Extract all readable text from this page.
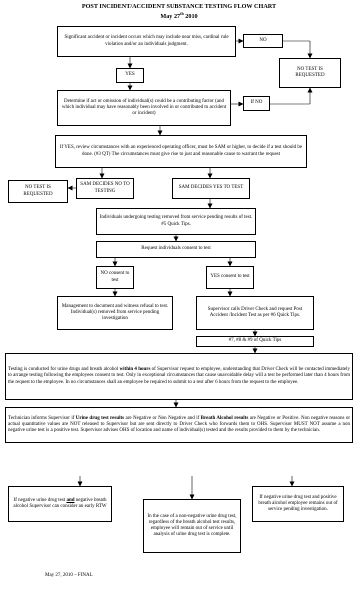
POST INCIDENT/ACCIDENT SUBSTANCE TESTING FLOW CHART
May 27th 2010
Significant accident or incident occurs which may include near miss, cardinal rule violation and/or an individuals judgment.
NO
YES
NO TEST IS REQUESTED
Determine if act or omission of individual(s) could be a contributing factor (and which individual may have reasonably been involved in or contributed to accident or incident)
If NO
If YES, review circumstances with an experienced operating officer, must be SAM or higher, to decide if a test should be done. (#3 QT) The circumstances must give rise to just and reasonable cause to warrant the request
NO TEST IS REQUESTED
SAM DECIDES NO TO TESTING
SAM DECIDES YES TO TEST
Individuals undergoing testing removed from service pending results of test. #5 Quick Tips.
Request individuals consent to test
NO consent to test
YES consent to test
Management to document and witness refusal to test. Individual(s) removed from service pending investigation
Supervisor calls Driver Check and request Post Accident /Incident Test as per #6 Quick Tips.
#7, #8 & #9 of Quick Tips
Testing is conducted for urine drugs and breath alcohol within 4 hours of Supervisor request to employee, understanding that Driver Check will be contacted immediately to arrange testing following the employees consent to test. Only in exceptional circumstances that cause unavoidable delay will a test be performed later than 4 hours from the request to the employee. In no circumstances shall an employee be required to submit to a test after 6 hours from the request to the employee.
Technician informs Supervisor if Urine drug test results are Negative or Non Negative and if Breath Alcohol results are Negative or Positive. Non negative reasons or actual quantitative values are NOT released to Supervisor but are sent directly to Driver Check who forwards them to OHS. Supervisor MUST NOT assume a non negative urine test is a positive test. Supervisor advises OHS of location and name of individual(s) tested and the results provided to them by the technician.
If negative urine drug test and negative breath alcohol Supervisor can consider an early RTW
In the case of a non-negative urine drug test, regardless of the breath alcohol test results, employee will remain out of service until analysis of urine drug test is complete.
If negative urine drug test and positive breath alcohol employee remains out of service pending investigation.
May 27, 2010 – FINAL
